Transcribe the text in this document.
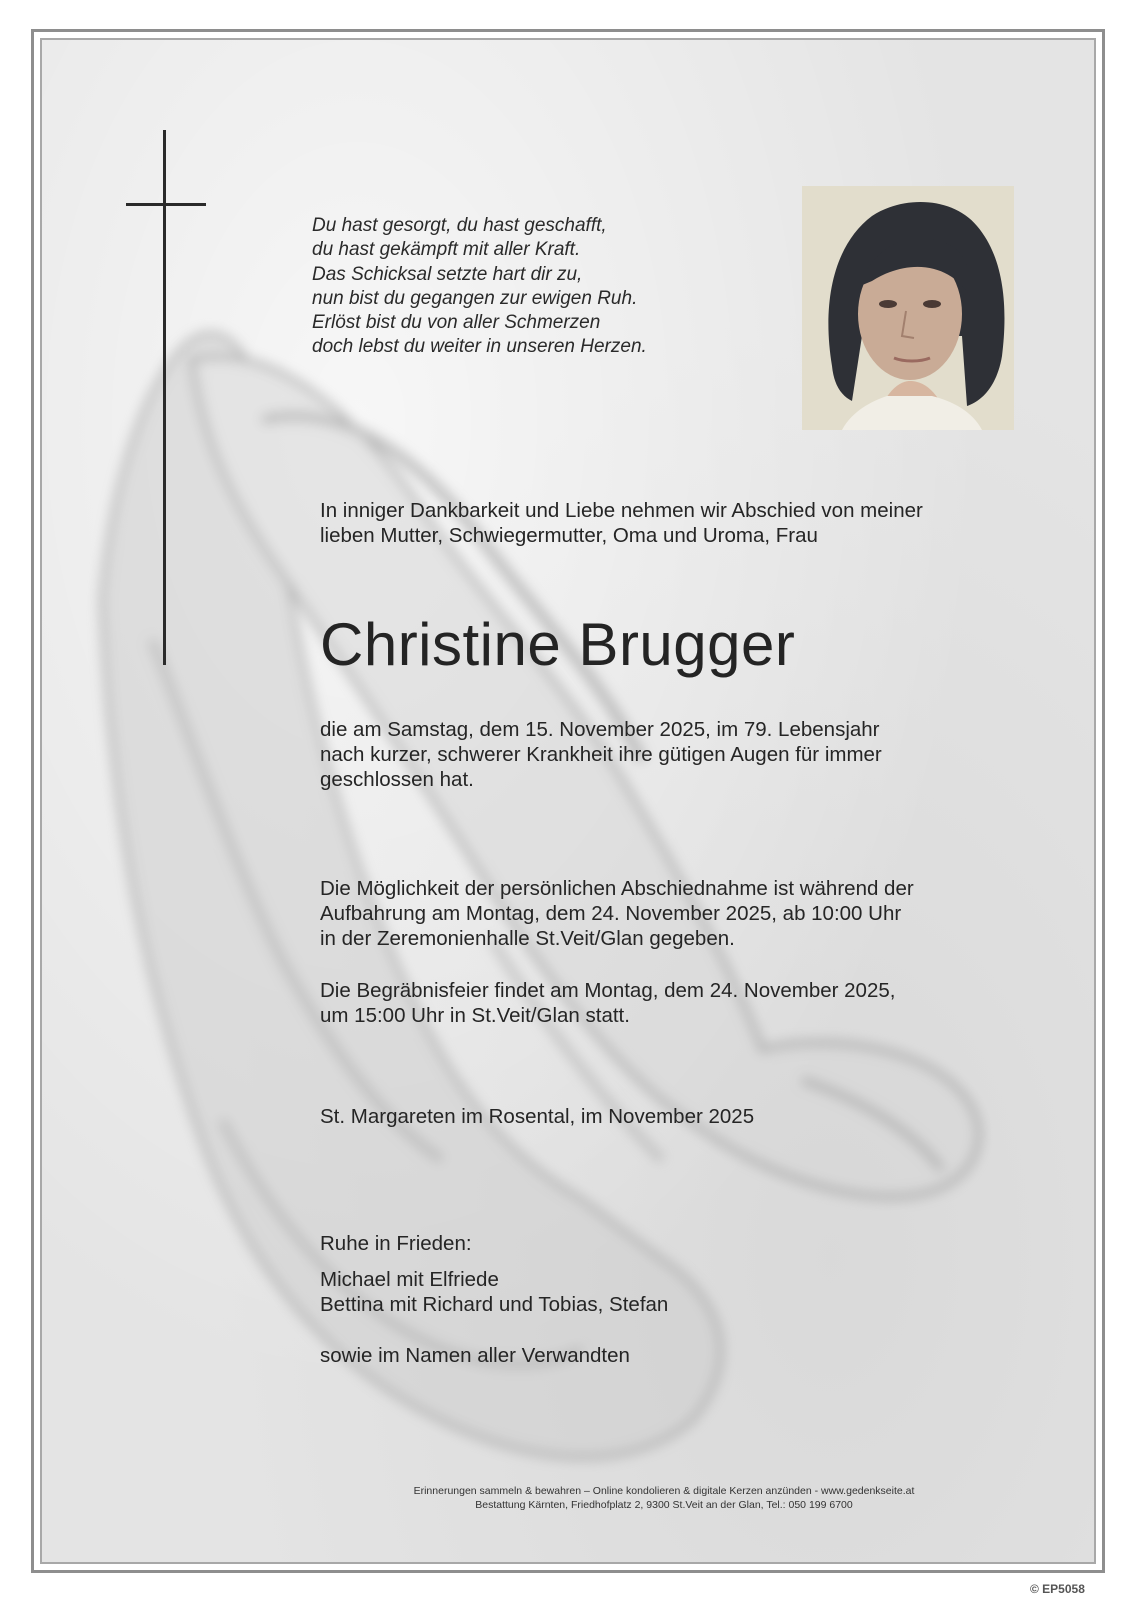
Du hast gesorgt, du hast geschafft,
du hast gekämpft mit aller Kraft.
Das Schicksal setzte hart dir zu,
nun bist du gegangen zur ewigen Ruh.
Erlöst bist du von aller Schmerzen
doch lebst du weiter in unseren Herzen.
In inniger Dankbarkeit und Liebe nehmen wir Abschied von meiner
lieben Mutter, Schwiegermutter, Oma und Uroma, Frau
Christine Brugger
die am Samstag, dem 15. November 2025, im 79. Lebensjahr
nach kurzer, schwerer Krankheit ihre gütigen Augen für immer
geschlossen hat.
Die Möglichkeit der persönlichen Abschiednahme ist während der
Aufbahrung am Montag, dem 24. November 2025, ab 10:00 Uhr
in der Zeremonienhalle St.Veit/Glan gegeben.
Die Begräbnisfeier findet am Montag, dem 24. November 2025,
um 15:00 Uhr in St.Veit/Glan statt.
St. Margareten im Rosental, im November 2025
Ruhe in Frieden:
Michael mit Elfriede
Bettina mit Richard und Tobias, Stefan
sowie im Namen aller Verwandten
Erinnerungen sammeln & bewahren – Online kondolieren & digitale Kerzen anzünden - www.gedenkseite.at
Bestattung Kärnten, Friedhofplatz 2, 9300 St.Veit an der Glan, Tel.: 050 199 6700
© EP5058
